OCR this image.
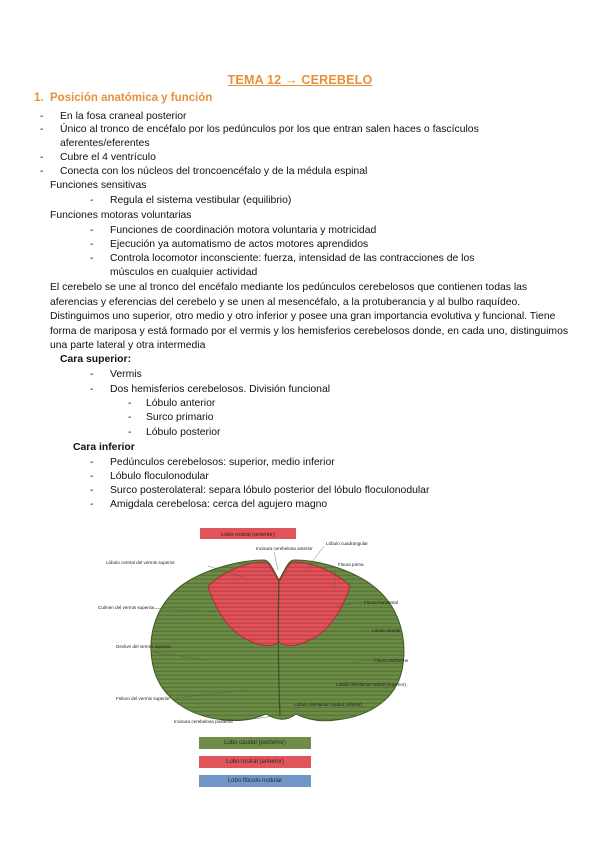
TEMA 12 → CEREBELO
1. Posición anatómica y función
- En la fosa craneal posterior
- Único al tronco de encéfalo por los pedúnculos por los que entran salen haces o fascículos
aferentes/eferentes
- Cubre el 4 ventrículo
- Conecta con los núcleos del troncoencéfalo y de la médula espinal
Funciones sensitivas
- Regula el sistema vestibular (equilibrio)
Funciones motoras voluntarias
- Funciones de coordinación motora voluntaria y motricidad
- Ejecución ya automatismo de actos motores aprendidos
- Controla locomotor inconsciente: fuerza, intensidad de las contracciones de los
músculos en cualquier actividad
El cerebelo se une al tronco del encéfalo mediante los pedúnculos cerebelosos que contienen todas las aferencias y eferencias del cerebelo y se unen al mesencéfalo, a la protuberancia y al bulbo raquídeo. Distinguimos uno superior, otro medio y otro inferior y posee una gran importancia evolutiva y funcional. Tiene forma de mariposa y está formado por el vermis y los hemisferios cerebelosos donde, en cada uno, distinguimos una parte lateral y otra intermedia
Cara superior:
- Vermis
- Dos hemisferios cerebelosos. División funcional
- Lóbulo anterior
- Surco primario
- Lóbulo posterior
Cara inferior
- Pedúnculos cerebelosos: superior, medio inferior
- Lóbulo floculonodular
- Surco posterolateral: separa lóbulo posterior del lóbulo floculonodular
- Amigdala cerebelosa: cerca del agujero magno
Lobo rostral (anterior)
Incisura cerebelosa anterior
Lóbulo central del vermis superior
Culmen del vermis superior
Declive del vermis superior
Folium del vermis superior
Incisura cerebelosa posterior
Lóbulo cuadrangular
Fisura prima
Fisura horizontal
Lóbulo simple
Fisura ansiforme
Lóbulo semilunar rostral (superior)
Lóbulo semilunar caudal (inferior)
Lobo caudal (posterior)
Lobo rostral (anterior)
Lobo flóculo-nodular
